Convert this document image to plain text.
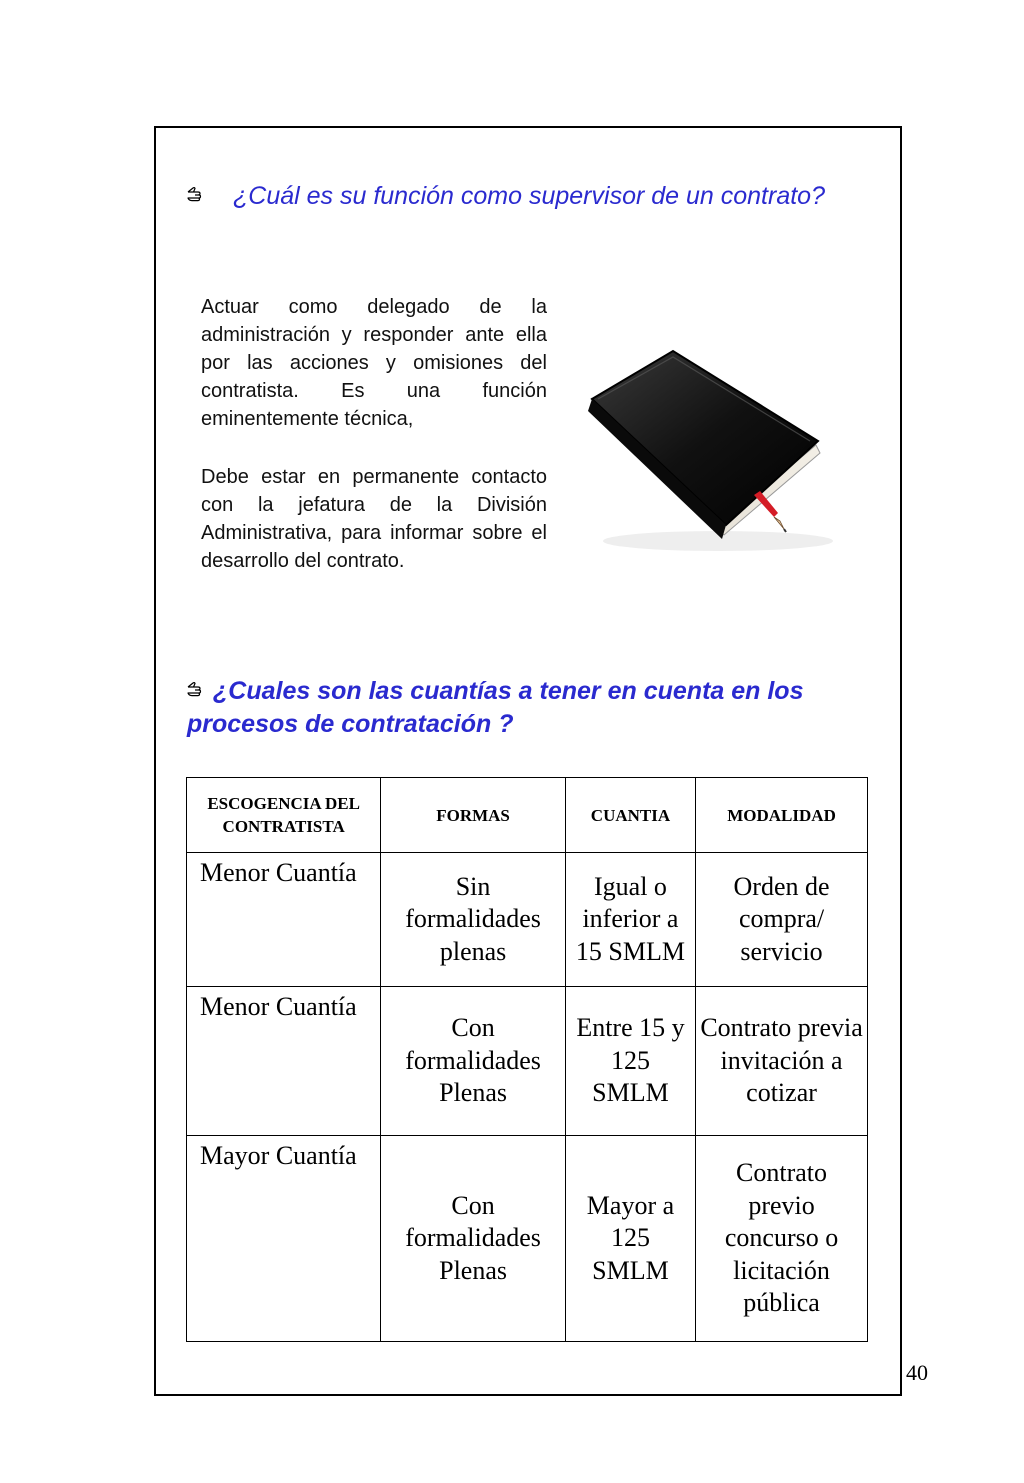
¿Cuál es su función como supervisor de un contrato?
Actuar como delegado de la administración y responder ante ella por las acciones y omisiones del contratista. Es una función eminentemente técnica,
Debe estar en permanente contacto con la jefatura de la División Administrativa, para informar sobre el desarrollo del contrato.
¿Cuales son las cuantías a tener en cuenta en los procesos de contratación ?
ESCOGENCIA DEL CONTRATISTA	FORMAS	CUANTIA	MODALIDAD
Menor Cuantía	Sin formalidades plenas	Igual o inferior a 15 SMLM	Orden de compra/ servicio
Menor Cuantía	Con formalidades Plenas	Entre 15 y 125 SMLM	Contrato previa invitación a cotizar
Mayor Cuantía	Con formalidades Plenas	Mayor a 125 SMLM	Contrato previo concurso o licitación pública
40
